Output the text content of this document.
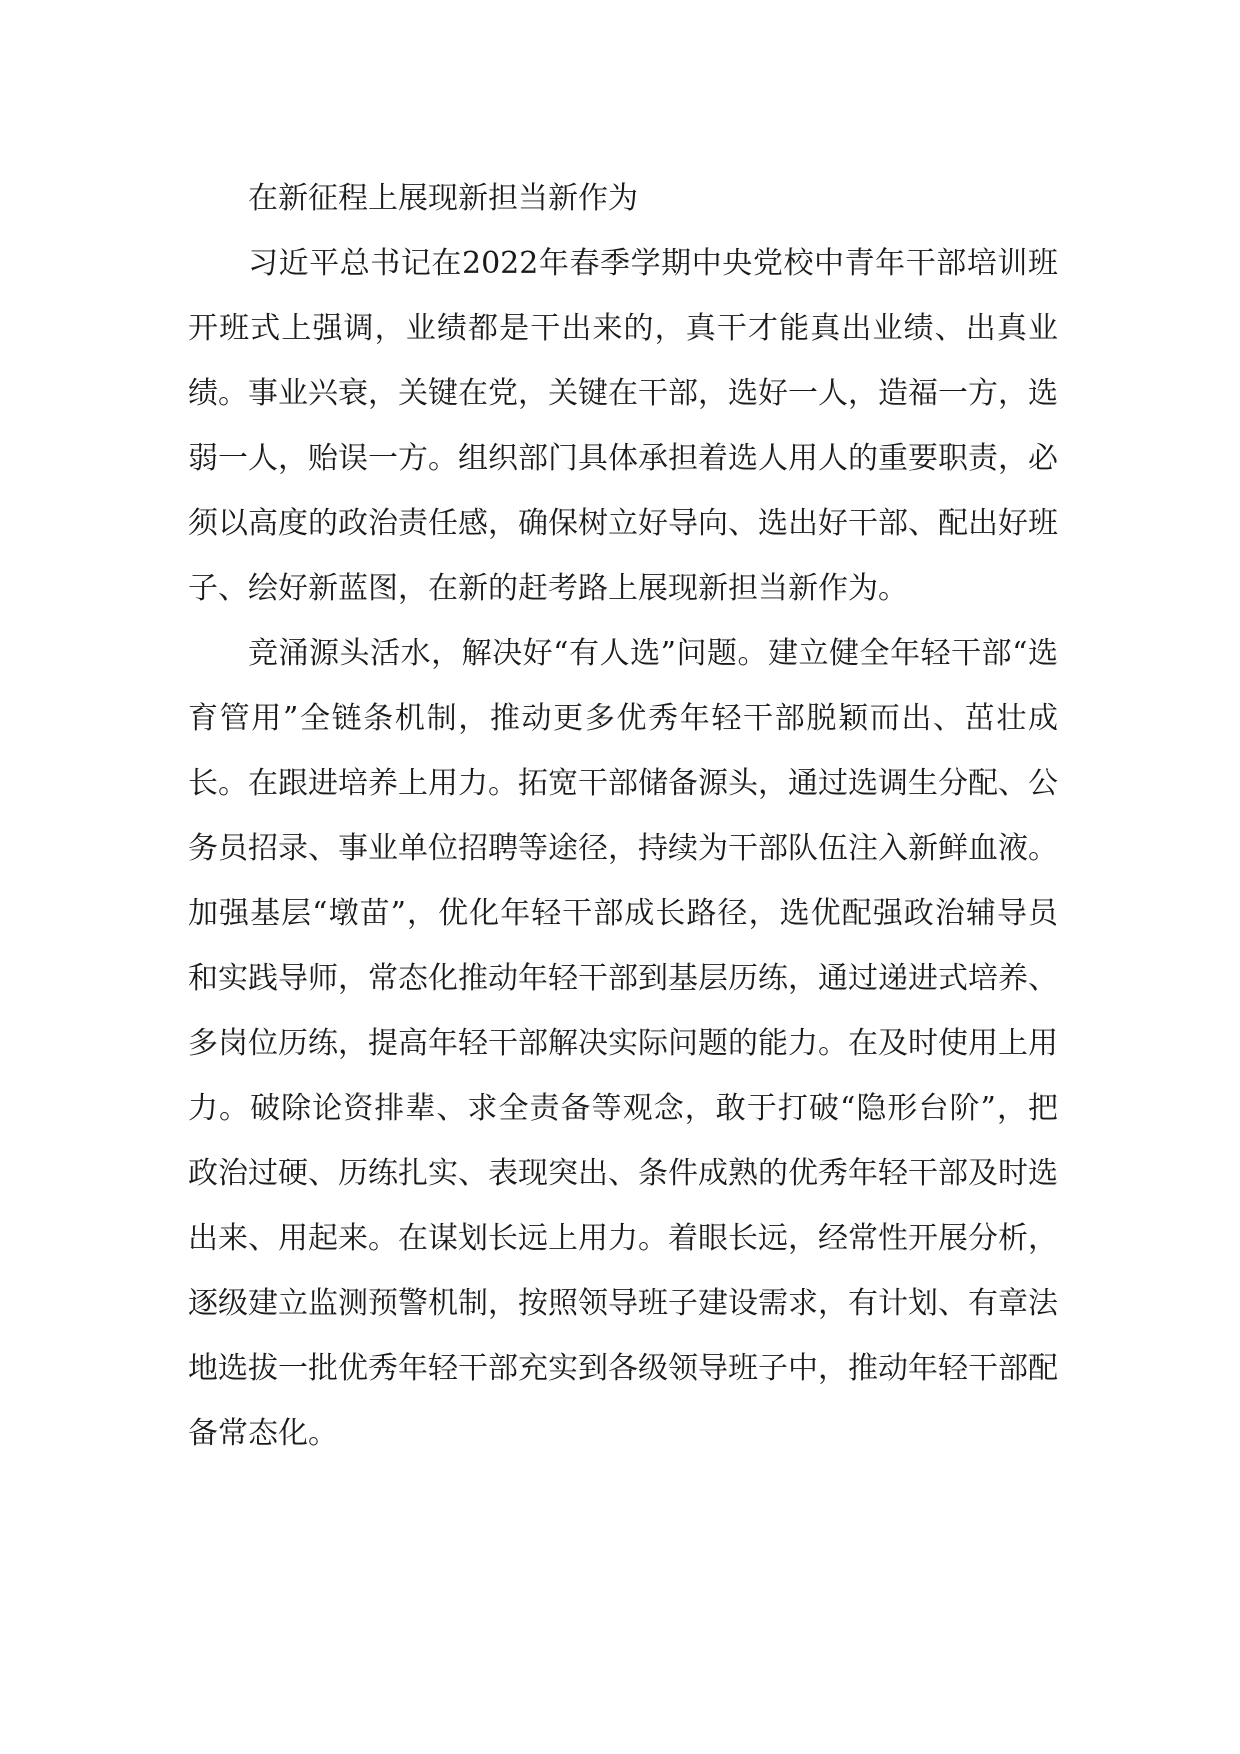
在新征程上展现新担当新作为

习近平总书记在2022年春季学期中央党校中青年干部培训班开班式上强调，业绩都是干出来的，真干才能真出业绩、出真业绩。事业兴衰，关键在党，关键在干部，选好一人，造福一方，选弱一人，贻误一方。组织部门具体承担着选人用人的重要职责，必须以高度的政治责任感，确保树立好导向、选出好干部、配出好班子、绘好新蓝图，在新的赶考路上展现新担当新作为。

竞涌源头活水，解决好“有人选”问题。建立健全年轻干部“选育管用”全链条机制，推动更多优秀年轻干部脱颖而出、茁壮成长。在跟进培养上用力。拓宽干部储备源头，通过选调生分配、公务员招录、事业单位招聘等途径，持续为干部队伍注入新鲜血液。加强基层“墩苗”，优化年轻干部成长路径，选优配强政治辅导员和实践导师，常态化推动年轻干部到基层历练，通过递进式培养、多岗位历练，提高年轻干部解决实际问题的能力。在及时使用上用力。破除论资排辈、求全责备等观念，敢于打破“隐形台阶”，把政治过硬、历练扎实、表现突出、条件成熟的优秀年轻干部及时选出来、用起来。在谋划长远上用力。着眼长远，经常性开展分析，逐级建立监测预警机制，按照领导班子建设需求，有计划、有章法地选拔一批优秀年轻干部充实到各级领导班子中，推动年轻干部配备常态化。
